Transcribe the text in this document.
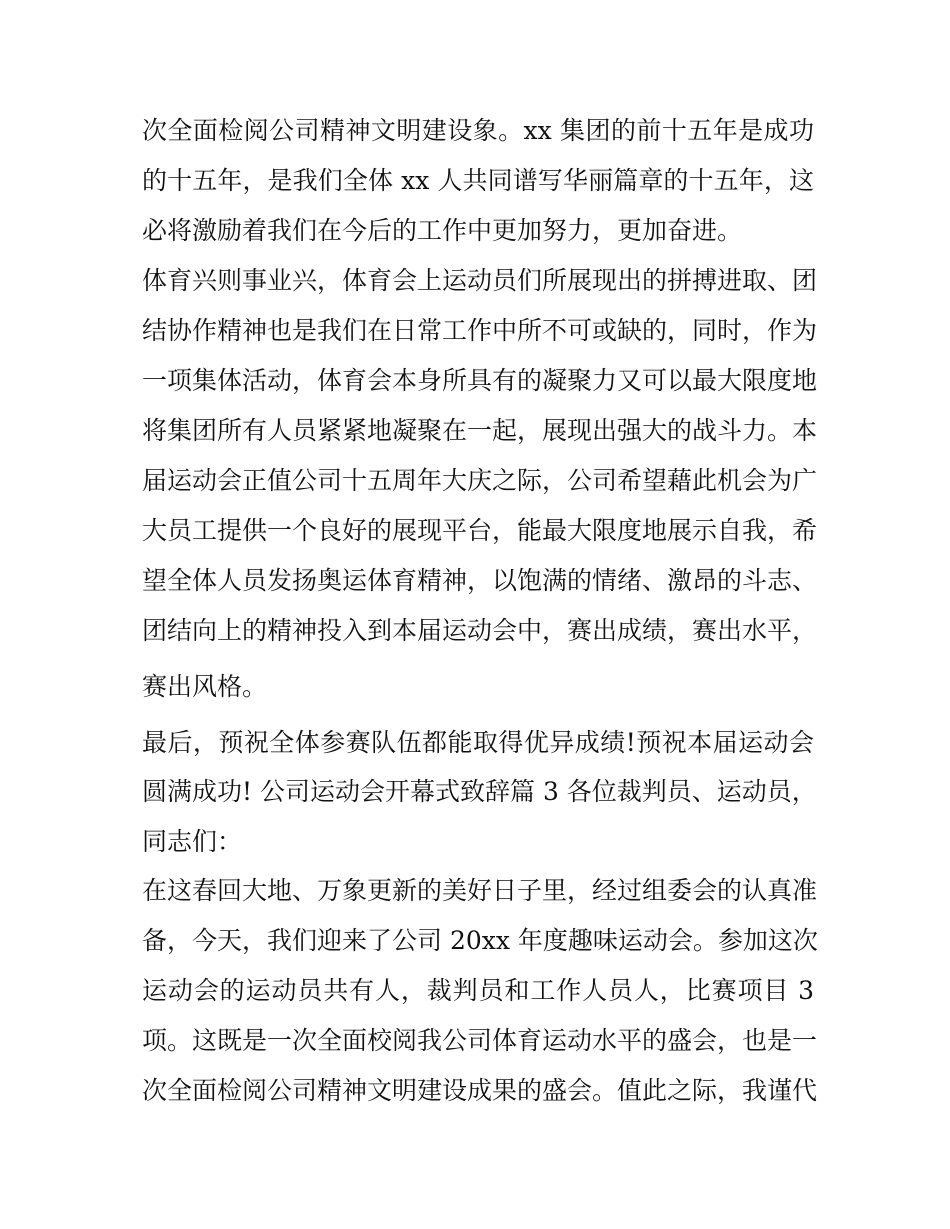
次全面检阅公司精神文明建设象。xx 集团的前十五年是成功
的十五年，是我们全体 xx 人共同谱写华丽篇章的十五年，这
必将激励着我们在今后的工作中更加努力，更加奋进。
体育兴则事业兴，体育会上运动员们所展现出的拼搏进取、团
结协作精神也是我们在日常工作中所不可或缺的，同时，作为
一项集体活动，体育会本身所具有的凝聚力又可以最大限度地
将集团所有人员紧紧地凝聚在一起，展现出强大的战斗力。本
届运动会正值公司十五周年大庆之际，公司希望藉此机会为广
大员工提供一个良好的展现平台，能最大限度地展示自我，希
望全体人员发扬奥运体育精神，以饱满的情绪、激昂的斗志、
团结向上的精神投入到本届运动会中，赛出成绩，赛出水平，
赛出风格。
最后，预祝全体参赛队伍都能取得优异成绩!预祝本届运动会
圆满成功! 公司运动会开幕式致辞篇 3 各位裁判员、运动员，
同志们：
在这春回大地、万象更新的美好日子里，经过组委会的认真准
备，今天，我们迎来了公司 20xx 年度趣味运动会。参加这次
运动会的运动员共有人，裁判员和工作人员人，比赛项目 3
项。这既是一次全面校阅我公司体育运动水平的盛会，也是一
次全面检阅公司精神文明建设成果的盛会。值此之际，我谨代
